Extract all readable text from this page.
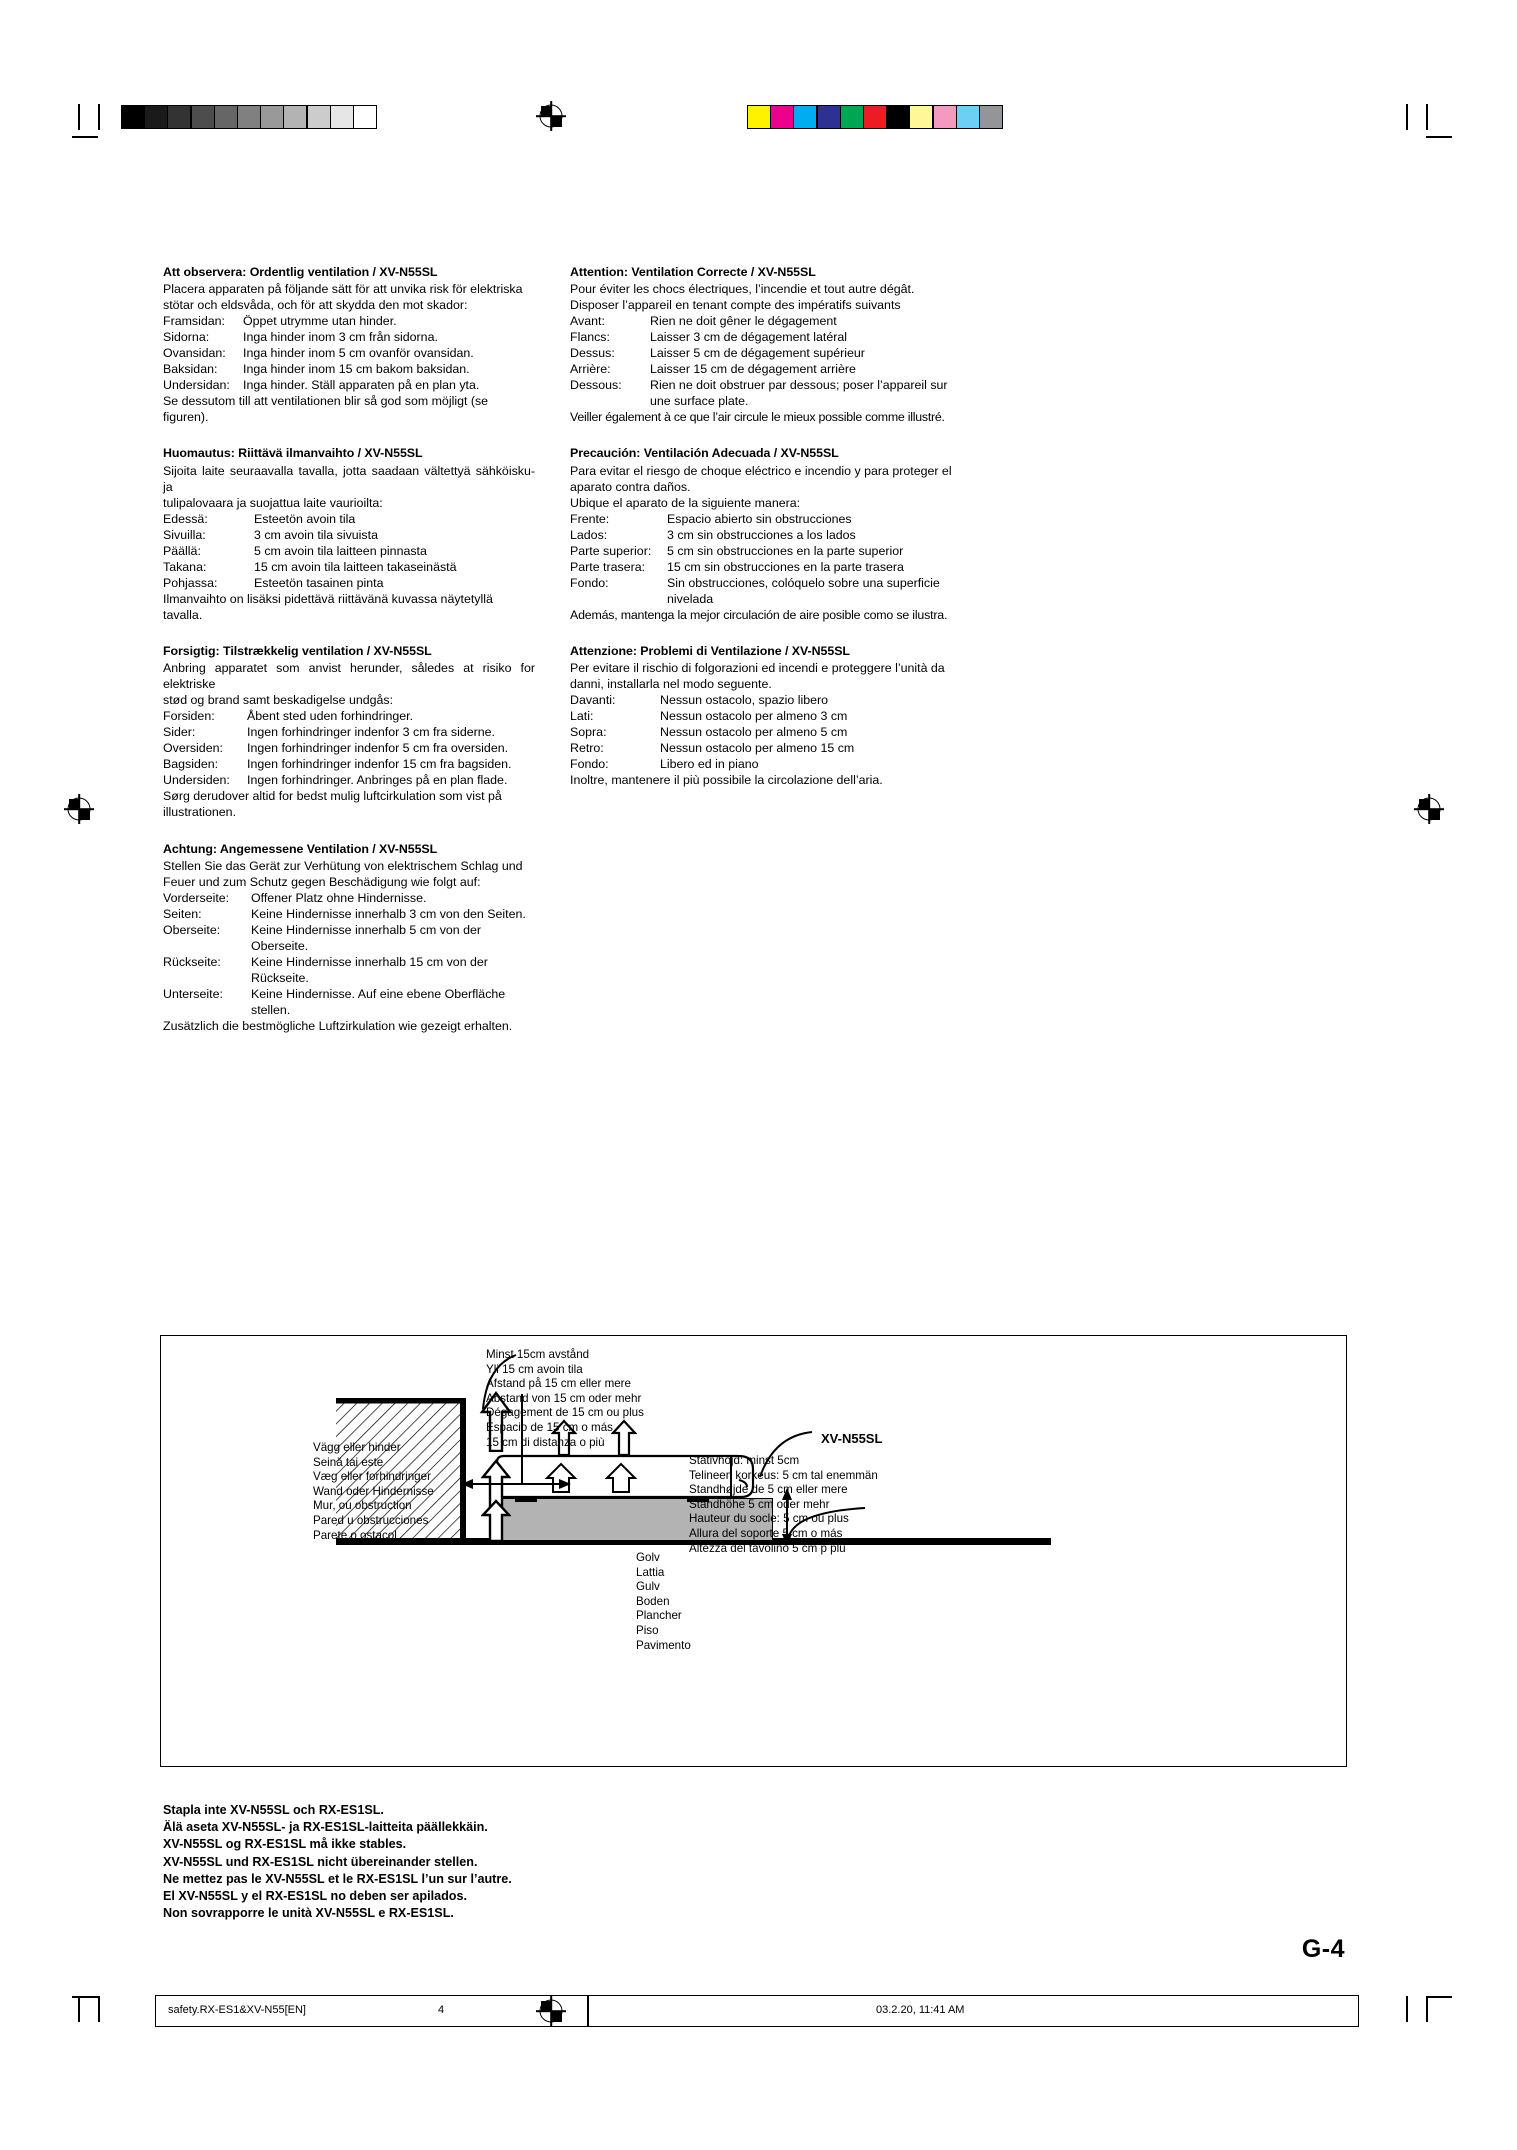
Att observera: Ordentlig ventilation / XV-N55SL

Placera apparaten på följande sätt för att unvika risk för elektriska

stötar och eldsvåda, och för att skydda den mot skador:

Framsidan:	Öppet utrymme utan hinder.
Sidorna:	Inga hinder inom 3 cm från sidorna.
Ovansidan:	Inga hinder inom 5 cm ovanför ovansidan.
Baksidan:	Inga hinder inom 15 cm bakom baksidan.
Undersidan:	Inga hinder. Ställ apparaten på en plan yta.

Se dessutom till att ventilationen blir så god som möjligt (se figuren).

Huomautus: Riittävä ilmanvaihto / XV-N55SL

Sijoita laite seuraavalla tavalla, jotta saadaan vältettyä sähköisku- ja

tulipalovaara ja suojattua laite vaurioilta:

Edessä:	Esteetön avoin tila
Sivuilla:	3 cm avoin tila sivuista
Päällä:	5 cm avoin tila laitteen pinnasta
Takana:	15 cm avoin tila laitteen takaseinästä
Pohjassa:	Esteetön tasainen pinta

Ilmanvaihto on lisäksi pidettävä riittävänä kuvassa näytetyllä tavalla.

Forsigtig: Tilstrækkelig ventilation / XV-N55SL

Anbring apparatet som anvist herunder, således at risiko for elektriske

stød og brand samt beskadigelse undgås:

Forsiden:	Åbent sted uden forhindringer.
Sider:	Ingen forhindringer indenfor 3 cm fra siderne.
Oversiden:	Ingen forhindringer indenfor 5 cm fra oversiden.
Bagsiden:	Ingen forhindringer indenfor 15 cm fra bagsiden.
Undersiden:	Ingen forhindringer. Anbringes på en plan flade.

Sørg derudover altid for bedst mulig luftcirkulation som vist på

illustrationen.

Achtung: Angemessene Ventilation / XV-N55SL

Stellen Sie das Gerät zur Verhütung von elektrischem Schlag und

Feuer und zum Schutz gegen Beschädigung wie folgt auf:

Vorderseite:	Offener Platz ohne Hindernisse.
Seiten:	Keine Hindernisse innerhalb 3 cm von den Seiten.
Oberseite:	Keine Hindernisse innerhalb 5 cm von der Oberseite.
Rückseite:	Keine Hindernisse innerhalb 15 cm von der Rückseite.
Unterseite:	Keine Hindernisse. Auf eine ebene Oberfläche stellen.

Zusätzlich die bestmögliche Luftzirkulation wie gezeigt erhalten.

Attention: Ventilation Correcte / XV-N55SL

Pour éviter les chocs électriques, l’incendie et tout autre dégât.

Disposer l’appareil en tenant compte des impératifs suivants

Avant:	Rien ne doit gêner le dégagement
Flancs:	Laisser 3 cm de dégagement latéral
Dessus:	Laisser 5 cm de dégagement supérieur
Arrière:	Laisser 15 cm de dégagement arrière
Dessous:	Rien ne doit obstruer par dessous; poser l’appareil sur
une surface plate.

Veiller également à ce que l’air circule le mieux possible comme illustré.

Precaución: Ventilación Adecuada / XV-N55SL

Para evitar el riesgo de choque eléctrico e incendio y para proteger el

aparato contra daños.

Ubique el aparato de la siguiente manera:

Frente:	Espacio abierto sin obstrucciones
Lados:	3 cm sin obstrucciones a los lados
Parte superior:	5 cm sin obstrucciones en la parte superior
Parte trasera:	15 cm sin obstrucciones en la parte trasera
Fondo:	Sin obstrucciones, colóquelo sobre una superficie
nivelada

Además, mantenga la mejor circulación de aire posible como se ilustra.

Attenzione: Problemi di Ventilazione / XV-N55SL

Per evitare il rischio di folgorazioni ed incendi e proteggere l’unità da

danni, installarla nel modo seguente.

Davanti:	Nessun ostacolo, spazio libero
Lati:	Nessun ostacolo per almeno 3 cm
Sopra:	Nessun ostacolo per almeno 5 cm
Retro:	Nessun ostacolo per almeno 15 cm
Fondo:	Libero ed in piano

Inoltre, mantenere il più possibile la circolazione dell’aria.

Minst 15cm avstånd
Yli 15 cm avoin tila
Afstand på 15 cm eller mere
Abstand von 15 cm oder mehr
Dégagement de 15 cm ou plus
Espacio de 15 cm o más
15 cm di distanza o più	XV-N55SL
Vägg eller hinder
Seinä tai este
Væg eller forhindringer
Wand oder Hindernisse
Mur, ou obstruction
Pared u obstrucciones
Parete o ostacol
Stativhöjd: minst 5cm
Telineen korkeus: 5 cm tal enemmän
Standhøjde de 5 cm eller mere
Standhöhe 5 cm oder mehr
Hauteur du socle: 5 cm ou plus
Allura del soporte 5 cm o más
Altezza del tavolino 5 cm p plù
Golv
Lattia
Gulv
Boden
Plancher
Piso
Pavimento
Stapla inte XV-N55SL och RX-ES1SL.
Älä aseta XV-N55SL- ja RX-ES1SL-laitteita päällekkäin.
XV-N55SL og RX-ES1SL må ikke stables.
XV-N55SL und RX-ES1SL nicht übereinander stellen.
Ne mettez pas le XV-N55SL et le RX-ES1SL l’un sur l’autre.
El XV-N55SL y el RX-ES1SL no deben ser apilados.
Non sovrapporre le unità XV-N55SL e RX-ES1SL.
G-4
safety.RX-ES1&XV-N55[EN]	4	03.2.20, 11:41 AM
